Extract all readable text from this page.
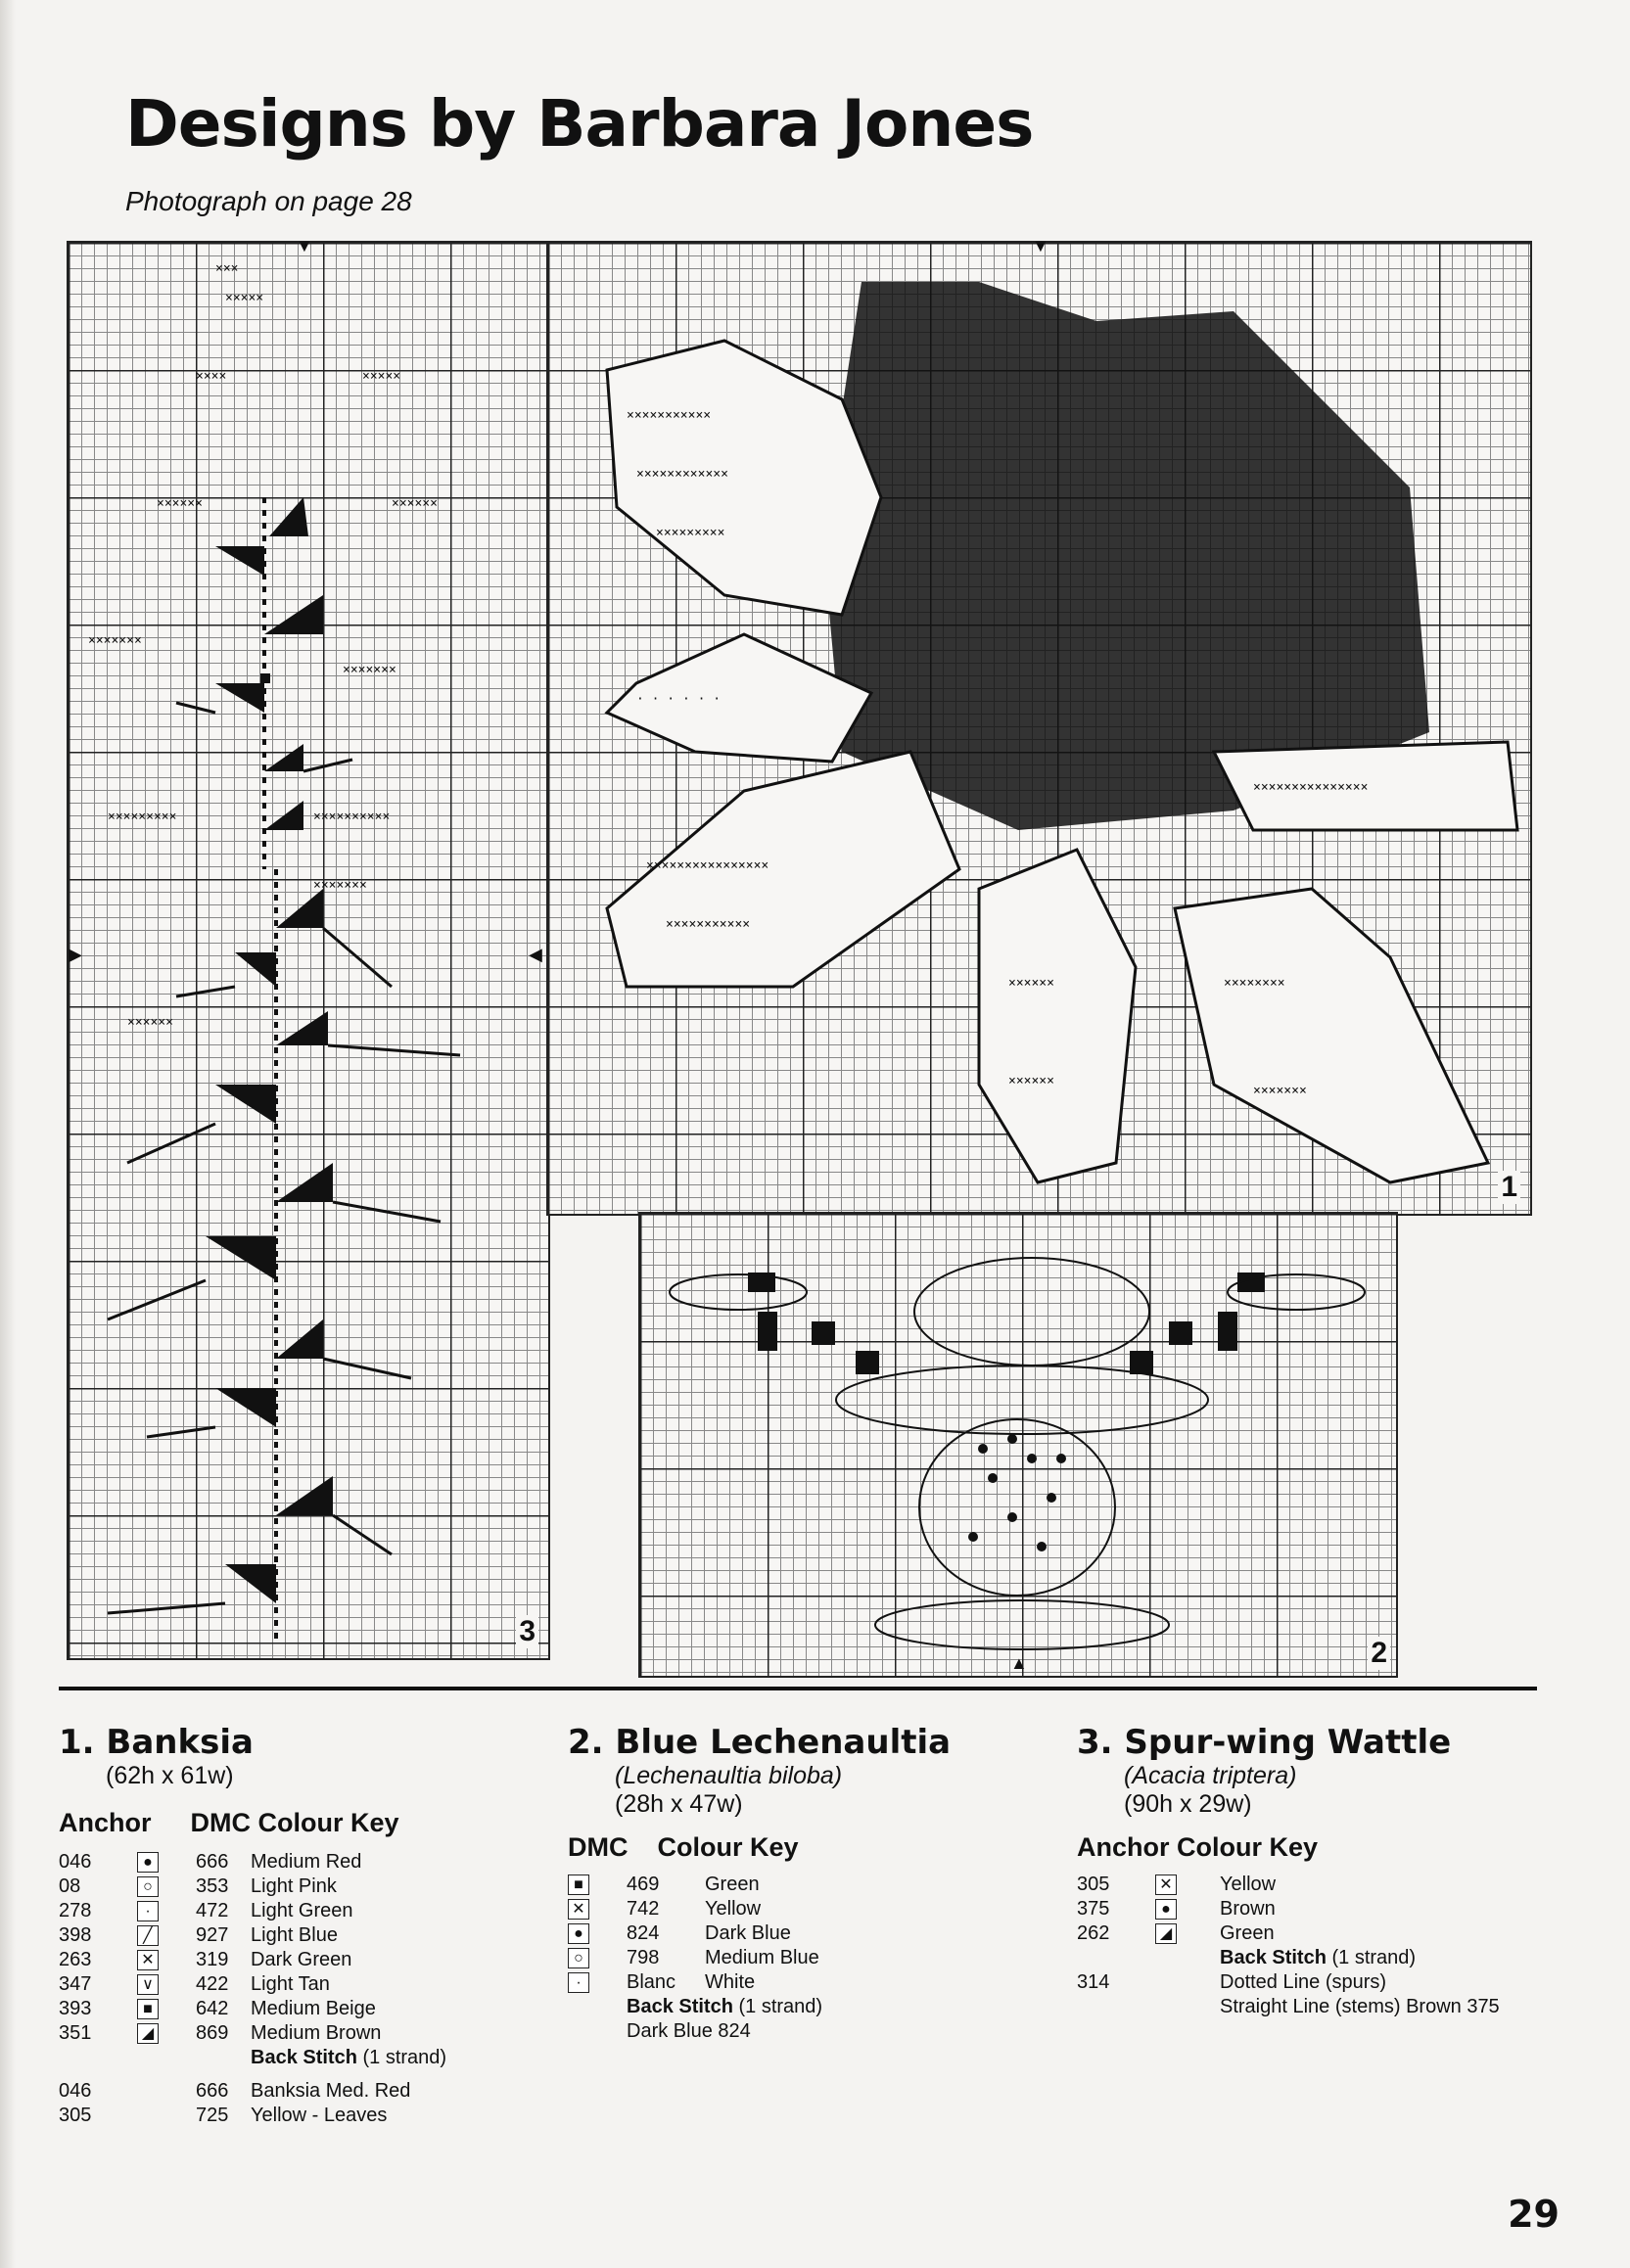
Designs by Barbara Jones
Photograph on page 28
×××
×××××
××××	×××××
××××××	××××××
×××××××
×××××××
×××××××××	××××××××××
××××××
×××××××
3
×××××××××××
××××××××××××
×××××××××
· · · · · ·
××××××××××××××××
×××××××××××
××××××
××××××
××××××××
×××××××
×××××××××××××××
1
2
▼	▼
▶	◀
▲
1. Banksia
(62h x 61w)
Anchor DMC Colour Key
046	●	666	Medium Red
08	○	353	Light Pink
278	·	472	Light Green
398	╱	927	Light Blue
263	✕	319	Dark Green
347	∨	422	Light Tan
393	■	642	Medium Beige
351	◢	869	Medium Brown
			Back Stitch (1 strand)
046		666	Banksia Med. Red
305		725	Yellow - Leaves
2. Blue Lechenaultia
(Lechenaultia biloba)
(28h x 47w)
DMC Colour Key
■	469	Green

✕	742	Yellow

●	824	Dark Blue

○	798	Medium Blue

·	Blanc	White
	Back Stitch (1 strand)	
	Dark Blue 824	
3. Spur-wing Wattle
(Acacia triptera)
(90h x 29w)
Anchor Colour Key
305	✕	Yellow
375	●	Brown
262	◢	Green
		Back Stitch (1 strand)
314		Dotted Line (spurs)
		Straight Line (stems) Brown 375
29
